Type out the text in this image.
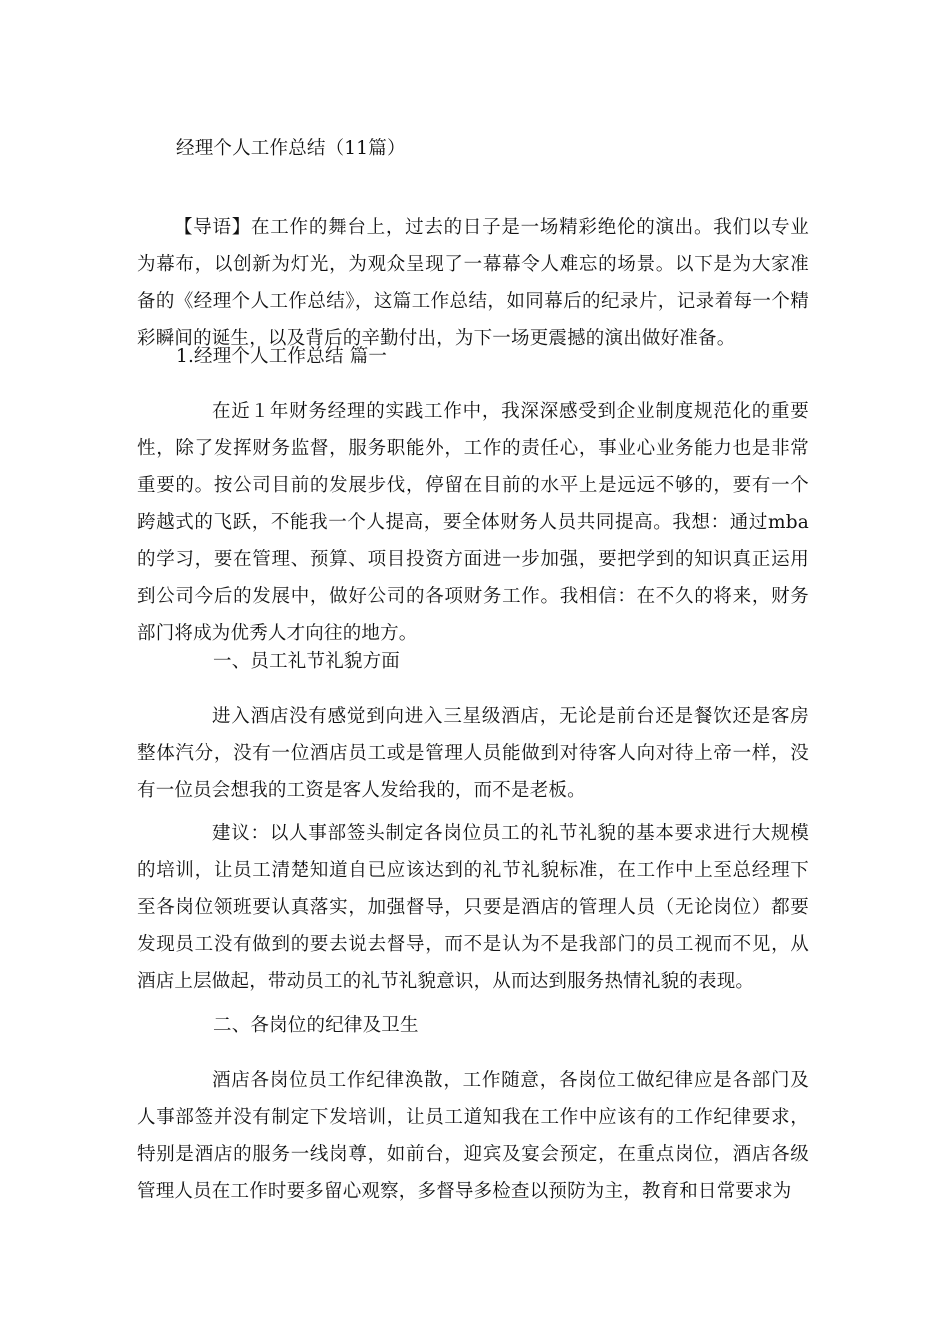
经理个人工作总结（11篇）

【导语】在工作的舞台上，过去的日子是一场精彩绝伦的演出。我们以专业为幕布，以创新为灯光，为观众呈现了一幕幕令人难忘的场景。以下是为大家准备的《经理个人工作总结》，这篇工作总结，如同幕后的纪录片，记录着每一个精彩瞬间的诞生，以及背后的辛勤付出，为下一场更震撼的演出做好准备。

1.经理个人工作总结 篇一

在近１年财务经理的实践工作中，我深深感受到企业制度规范化的重要性，除了发挥财务监督，服务职能外，工作的责任心，事业心业务能力也是非常重要的。按公司目前的发展步伐，停留在目前的水平上是远远不够的，要有一个跨越式的飞跃，不能我一个人提高，要全体财务人员共同提高。我想：通过mba的学习，要在管理、预算、项目投资方面进一步加强，要把学到的知识真正运用到公司今后的发展中，做好公司的各项财务工作。我相信：在不久的将来，财务部门将成为优秀人才向往的地方。

一、员工礼节礼貌方面

进入酒店没有感觉到向进入三星级酒店，无论是前台还是餐饮还是客房整体汽分，没有一位酒店员工或是管理人员能做到对待客人向对待上帝一样，没有一位员会想我的工资是客人发给我的，而不是老板。

建议：以人事部签头制定各岗位员工的礼节礼貌的基本要求进行大规模的培训，让员工清楚知道自已应该达到的礼节礼貌标准，在工作中上至总经理下至各岗位领班要认真落实，加强督导，只要是酒店的管理人员（无论岗位）都要发现员工没有做到的要去说去督导，而不是认为不是我部门的员工视而不见，从酒店上层做起，带动员工的礼节礼貌意识，从而达到服务热情礼貌的表现。

二、各岗位的纪律及卫生

酒店各岗位员工作纪律涣散，工作随意，各岗位工做纪律应是各部门及人事部签并没有制定下发培训，让员工道知我在工作中应该有的工作纪律要求，特别是酒店的服务一线岗尊，如前台，迎宾及宴会预定，在重点岗位，酒店各级管理人员在工作时要多留心观察，多督导多检查以预防为主，教育和日常要求为
